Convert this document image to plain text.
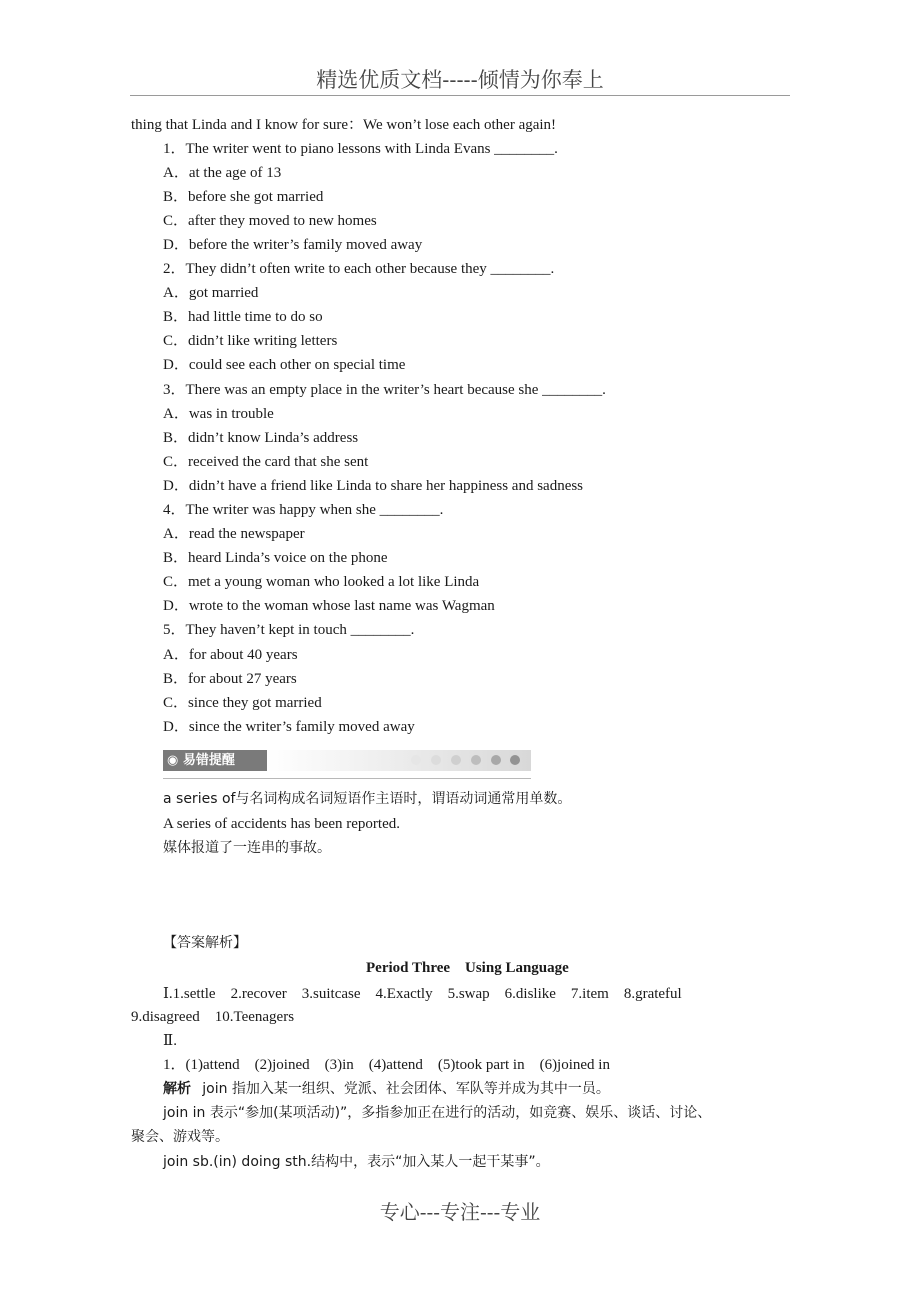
精选优质文档-----倾情为你奉上
thing that Linda and I know for sure：We won’t lose each other again!
1．The writer went to piano lessons with Linda Evans ________.
A．at the age of 13
B．before she got married
C．after they moved to new homes
D．before the writer’s family moved away
2．They didn’t often write to each other because they ________.
A．got married
B．had little time to do so
C．didn’t like writing letters
D．could see each other on special time
3．There was an empty place in the writer’s heart because she ________.
A．was in trouble
B．didn’t know Linda’s address
C．received the card that she sent
D．didn’t have a friend like Linda to share her happiness and sadness
4．The writer was happy when she ________.
A．read the newspaper
B．heard Linda’s voice on the phone
C．met a young woman who looked a lot like Linda
D．wrote to the woman whose last name was Wagman
5．They haven’t kept in touch ________.
A．for about 40 years
B．for about 27 years
C．since they got married
D．since the writer’s family moved away
◉ 易错提醒
a series of与名词构成名词短语作主语时，谓语动词通常用单数。
A series of accidents has been reported.
媒体报道了一连串的事故。
【答案解析】
Period Three　Using Language
Ⅰ.1.settle　2.recover　3.suitcase　4.Exactly　5.swap　6.dislike　7.item　8.grateful
9.disagreed　10.Teenagers
Ⅱ.
1．(1)attend　(2)joined　(3)in　(4)attend　(5)took part in　(6)joined in
解析 join 指加入某一组织、党派、社会团体、军队等并成为其中一员。
join in 表示“参加(某项活动)”，多指参加正在进行的活动，如竞赛、娱乐、谈话、讨论、
聚会、游戏等。
join sb.(in) doing sth.结构中，表示“加入某人一起干某事”。
专心---专注---专业
